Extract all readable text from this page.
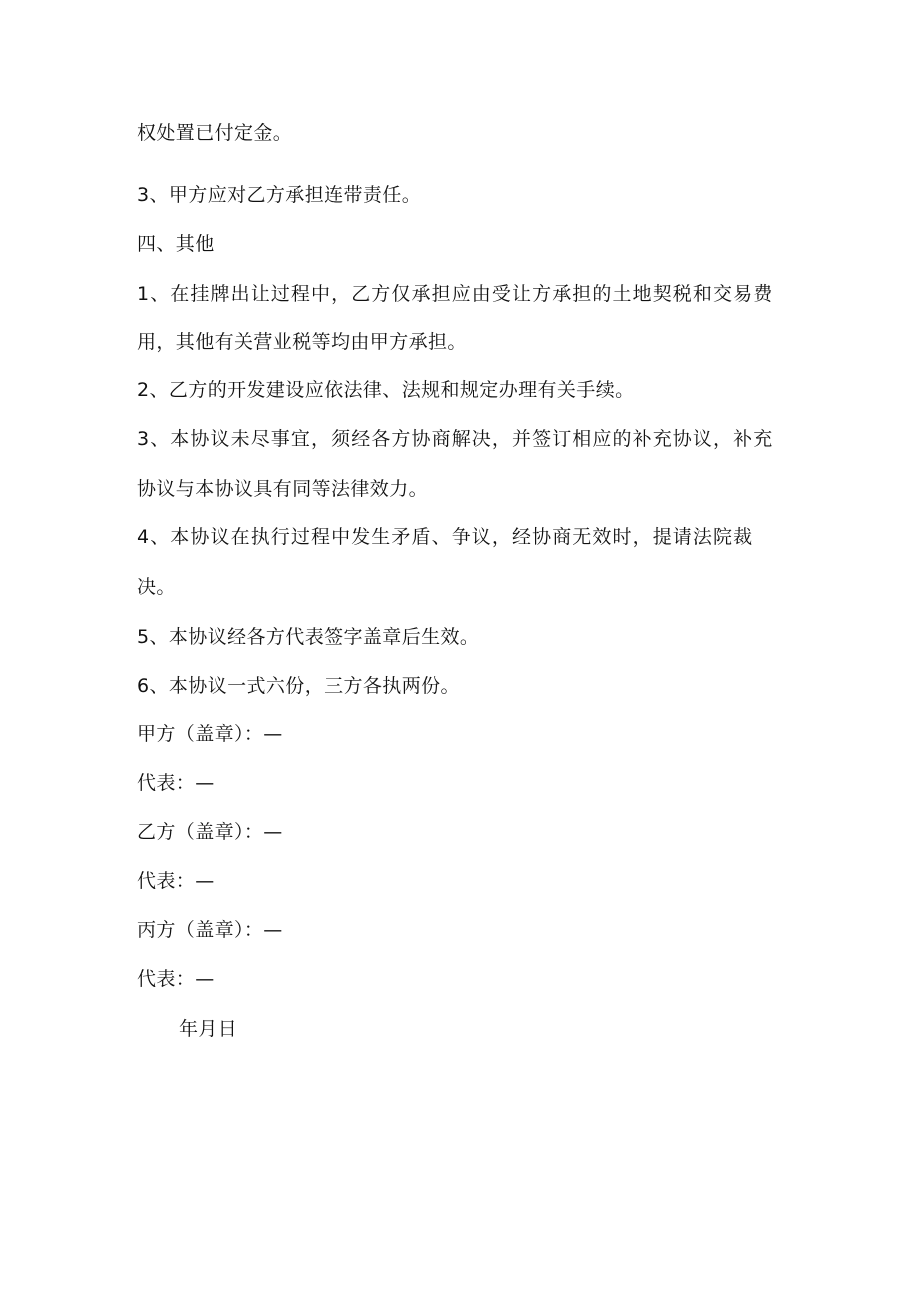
权处置已付定金。
3、甲方应对乙方承担连带责任。
四、其他
1、在挂牌出让过程中，乙方仅承担应由受让方承担的土地契税和交易费
用，其他有关营业税等均由甲方承担。
2、乙方的开发建设应依法律、法规和规定办理有关手续。
3、本协议未尽事宜，须经各方协商解决，并签订相应的补充协议，补充
协议与本协议具有同等法律效力。
4、本协议在执行过程中发生矛盾、争议，经协商无效时，提请法院裁
决。
5、本协议经各方代表签字盖章后生效。
6、本协议一式六份，三方各执两份。
甲方（盖章）：—
代表：—
乙方（盖章）：—
代表：—
丙方（盖章）：—
代表：—
年月日
